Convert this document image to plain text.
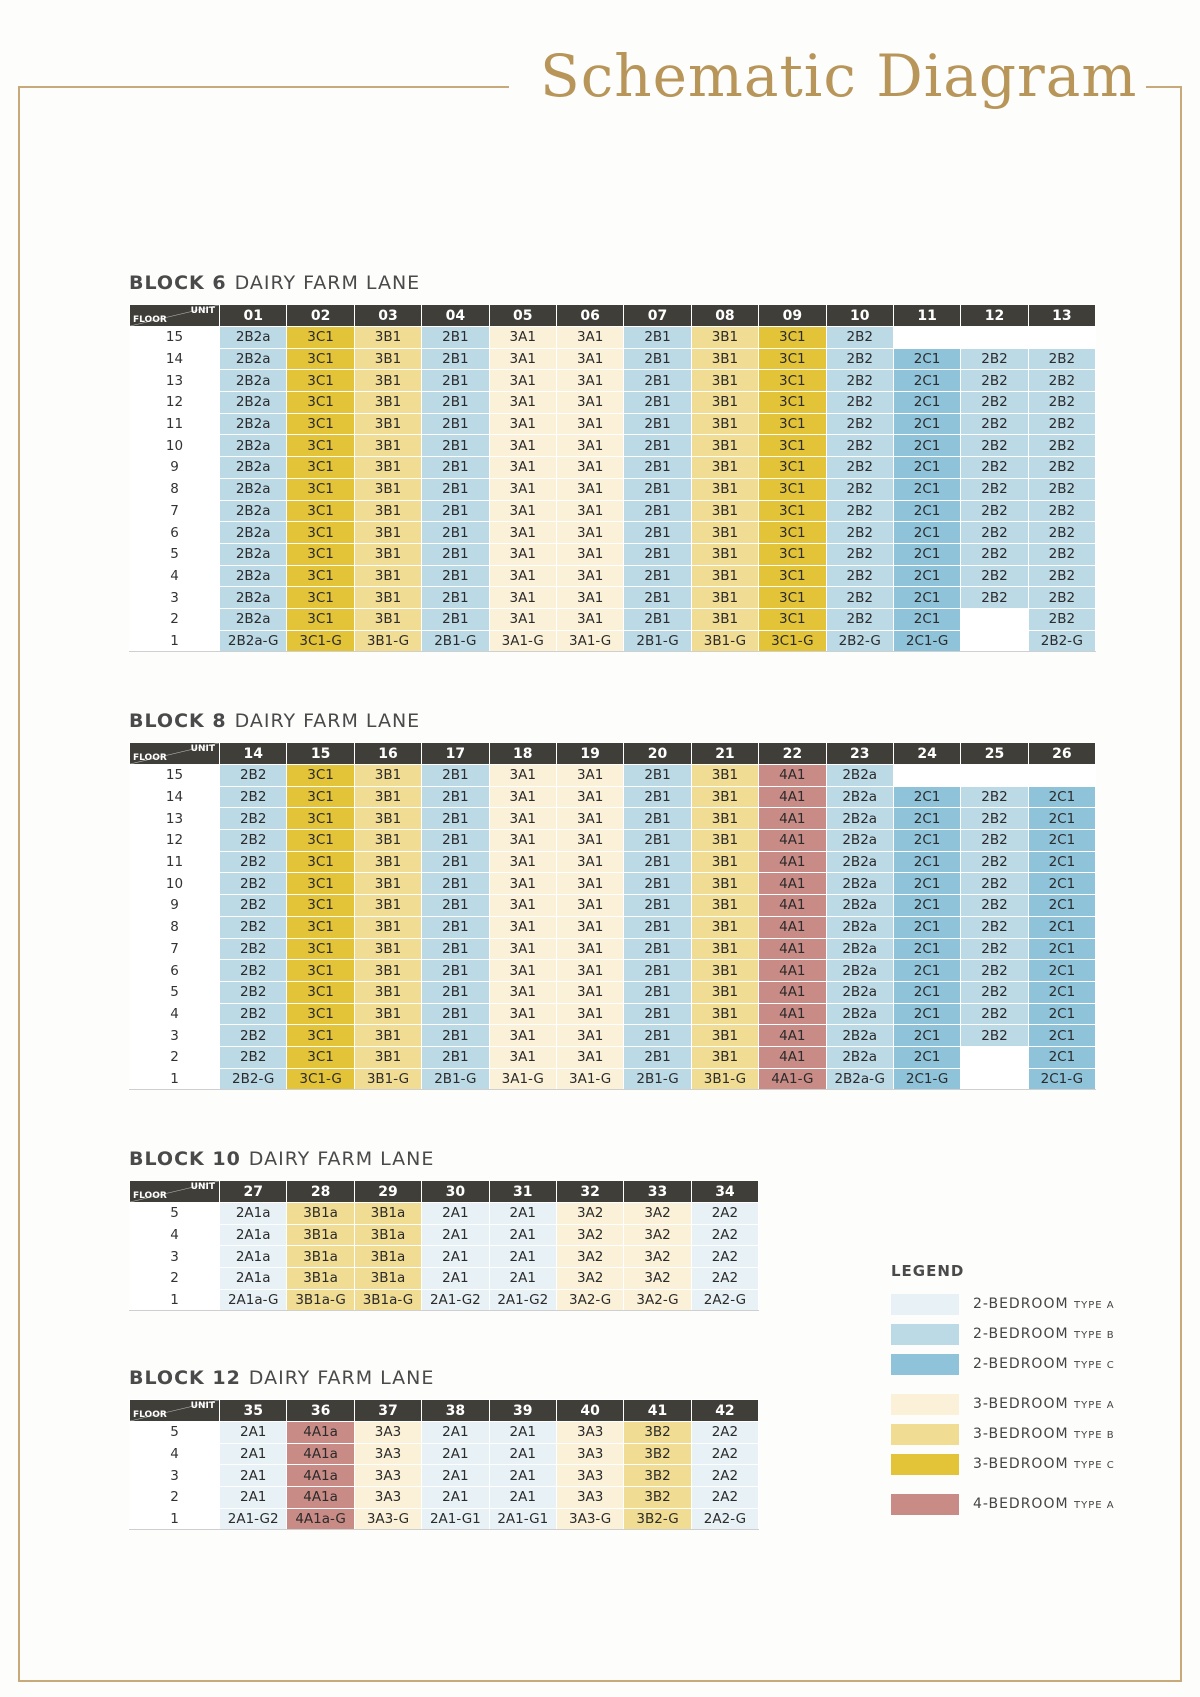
Schematic Diagram
BLOCK 6 DAIRY FARM LANE
FLOOR
UNIT	01	02	03	04	05	06	07	08	09	10	11	12	13
15	2B2a	3C1	3B1	2B1	3A1	3A1	2B1	3B1	3C1	2B2			
14	2B2a	3C1	3B1	2B1	3A1	3A1	2B1	3B1	3C1	2B2	2C1	2B2	2B2
13	2B2a	3C1	3B1	2B1	3A1	3A1	2B1	3B1	3C1	2B2	2C1	2B2	2B2
12	2B2a	3C1	3B1	2B1	3A1	3A1	2B1	3B1	3C1	2B2	2C1	2B2	2B2
11	2B2a	3C1	3B1	2B1	3A1	3A1	2B1	3B1	3C1	2B2	2C1	2B2	2B2
10	2B2a	3C1	3B1	2B1	3A1	3A1	2B1	3B1	3C1	2B2	2C1	2B2	2B2
9	2B2a	3C1	3B1	2B1	3A1	3A1	2B1	3B1	3C1	2B2	2C1	2B2	2B2
8	2B2a	3C1	3B1	2B1	3A1	3A1	2B1	3B1	3C1	2B2	2C1	2B2	2B2
7	2B2a	3C1	3B1	2B1	3A1	3A1	2B1	3B1	3C1	2B2	2C1	2B2	2B2
6	2B2a	3C1	3B1	2B1	3A1	3A1	2B1	3B1	3C1	2B2	2C1	2B2	2B2
5	2B2a	3C1	3B1	2B1	3A1	3A1	2B1	3B1	3C1	2B2	2C1	2B2	2B2
4	2B2a	3C1	3B1	2B1	3A1	3A1	2B1	3B1	3C1	2B2	2C1	2B2	2B2
3	2B2a	3C1	3B1	2B1	3A1	3A1	2B1	3B1	3C1	2B2	2C1	2B2	2B2
2	2B2a	3C1	3B1	2B1	3A1	3A1	2B1	3B1	3C1	2B2	2C1		2B2
1	2B2a-G	3C1-G	3B1-G	2B1-G	3A1-G	3A1-G	2B1-G	3B1-G	3C1-G	2B2-G	2C1-G		2B2-G
BLOCK 8 DAIRY FARM LANE
FLOOR
UNIT	14	15	16	17	18	19	20	21	22	23	24	25	26
15	2B2	3C1	3B1	2B1	3A1	3A1	2B1	3B1	4A1	2B2a			
14	2B2	3C1	3B1	2B1	3A1	3A1	2B1	3B1	4A1	2B2a	2C1	2B2	2C1
13	2B2	3C1	3B1	2B1	3A1	3A1	2B1	3B1	4A1	2B2a	2C1	2B2	2C1
12	2B2	3C1	3B1	2B1	3A1	3A1	2B1	3B1	4A1	2B2a	2C1	2B2	2C1
11	2B2	3C1	3B1	2B1	3A1	3A1	2B1	3B1	4A1	2B2a	2C1	2B2	2C1
10	2B2	3C1	3B1	2B1	3A1	3A1	2B1	3B1	4A1	2B2a	2C1	2B2	2C1
9	2B2	3C1	3B1	2B1	3A1	3A1	2B1	3B1	4A1	2B2a	2C1	2B2	2C1
8	2B2	3C1	3B1	2B1	3A1	3A1	2B1	3B1	4A1	2B2a	2C1	2B2	2C1
7	2B2	3C1	3B1	2B1	3A1	3A1	2B1	3B1	4A1	2B2a	2C1	2B2	2C1
6	2B2	3C1	3B1	2B1	3A1	3A1	2B1	3B1	4A1	2B2a	2C1	2B2	2C1
5	2B2	3C1	3B1	2B1	3A1	3A1	2B1	3B1	4A1	2B2a	2C1	2B2	2C1
4	2B2	3C1	3B1	2B1	3A1	3A1	2B1	3B1	4A1	2B2a	2C1	2B2	2C1
3	2B2	3C1	3B1	2B1	3A1	3A1	2B1	3B1	4A1	2B2a	2C1	2B2	2C1
2	2B2	3C1	3B1	2B1	3A1	3A1	2B1	3B1	4A1	2B2a	2C1		2C1
1	2B2-G	3C1-G	3B1-G	2B1-G	3A1-G	3A1-G	2B1-G	3B1-G	4A1-G	2B2a-G	2C1-G		2C1-G
BLOCK 10 DAIRY FARM LANE
FLOOR
UNIT	27	28	29	30	31	32	33	34
5	2A1a	3B1a	3B1a	2A1	2A1	3A2	3A2	2A2
4	2A1a	3B1a	3B1a	2A1	2A1	3A2	3A2	2A2
3	2A1a	3B1a	3B1a	2A1	2A1	3A2	3A2	2A2
2	2A1a	3B1a	3B1a	2A1	2A1	3A2	3A2	2A2
1	2A1a-G	3B1a-G	3B1a-G	2A1-G2	2A1-G2	3A2-G	3A2-G	2A2-G
BLOCK 12 DAIRY FARM LANE
FLOOR
UNIT	35	36	37	38	39	40	41	42
5	2A1	4A1a	3A3	2A1	2A1	3A3	3B2	2A2
4	2A1	4A1a	3A3	2A1	2A1	3A3	3B2	2A2
3	2A1	4A1a	3A3	2A1	2A1	3A3	3B2	2A2
2	2A1	4A1a	3A3	2A1	2A1	3A3	3B2	2A2
1	2A1-G2	4A1a-G	3A3-G	2A1-G1	2A1-G1	3A3-G	3B2-G	2A2-G
LEGEND
2-BEDROOM TYPE A
2-BEDROOM TYPE B
2-BEDROOM TYPE C
3-BEDROOM TYPE A
3-BEDROOM TYPE B
3-BEDROOM TYPE C
4-BEDROOM TYPE A
